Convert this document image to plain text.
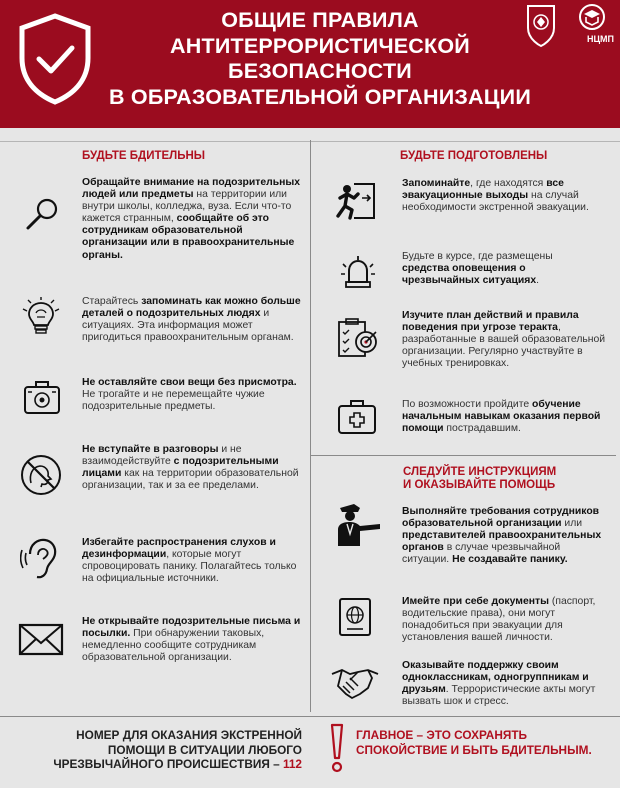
ОБЩИЕ ПРАВИЛА
АНТИТЕРРОРИСТИЧЕСКОЙ
БЕЗОПАСНОСТИ
В ОБРАЗОВАТЕЛЬНОЙ ОРГАНИЗАЦИИ
НЦМП
БУДЬТЕ БДИТЕЛЬНЫ
Обращайте внимание на подозрительных людей или предметы на территории или внутри школы, колледжа, вуза. Если что-то кажется странным, сообщайте об это сотрудникам образовательной организации или в правоохранительные органы.
Старайтесь запоминать как можно больше деталей о подозрительных людях и ситуациях. Эта информация может пригодиться правоохранительным органам.
Не оставляйте свои вещи без присмотра. Не трогайте и не перемещайте чужие подозрительные предметы.
Не вступайте в разговоры и не взаимодействуйте с подозрительными лицами как на территории образовательной организации, так и за ее пределами.
Избегайте распространения слухов и дезинформации, которые могут спровоцировать панику. Полагайтесь только на официальные источники.
Не открывайте подозрительные письма и посылки. При обнаружении таковых, немедленно сообщите сотрудникам образовательной организации.
БУДЬТЕ ПОДГОТОВЛЕНЫ
Запоминайте, где находятся все эвакуационные выходы на случай необходимости экстренной эвакуации.
Будьте в курсе, где размещены средства оповещения о чрезвычайных ситуациях.
Изучите план действий и правила поведения при угрозе теракта, разработанные в вашей образовательной организации. Регулярно участвуйте в учебных тренировках.
По возможности пройдите обучение начальным навыкам оказания первой помощи пострадавшим.
СЛЕДУЙТЕ ИНСТРУКЦИЯМ
И ОКАЗЫВАЙТЕ ПОМОЩЬ
Выполняйте требования сотрудников образовательной организации или представителей правоохранительных органов в случае чрезвычайной ситуации. Не создавайте панику.
Имейте при себе документы (паспорт, водительские права), они могут понадобиться при эвакуации для установления вашей личности.
Оказывайте поддержку своим одноклассникам, одногруппникам и друзьям. Террористические акты могут вызвать шок и стресс.
НОМЕР ДЛЯ ОКАЗАНИЯ ЭКСТРЕННОЙ ПОМОЩИ В СИТУАЦИИ ЛЮБОГО ЧРЕЗВЫЧАЙНОГО ПРОИСШЕСТВИЯ – 112
ГЛАВНОЕ – ЭТО СОХРАНЯТЬ СПОКОЙСТВИЕ И БЫТЬ БДИТЕЛЬНЫМ.
